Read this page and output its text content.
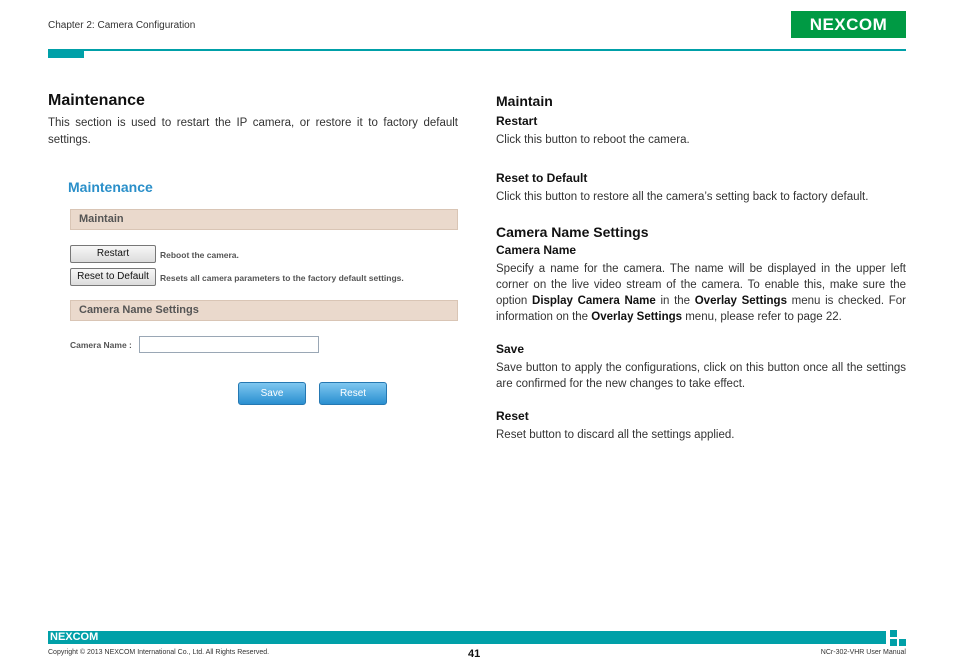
Chapter 2: Camera Configuration	NEXCOM
Maintenance
This section is used to restart the IP camera, or restore it to factory default settings.
Maintenance
Maintain
Restart	Reboot the camera.
Reset to Default	Resets all camera parameters to the factory default settings.
Camera Name Settings
Camera Name :
Save	Reset
Maintain
Restart
Click this button to reboot the camera.
Reset to Default
Click this button to restore all the camera’s setting back to factory default.
Camera Name Settings
Camera Name
Specify a name for the camera. The name will be displayed in the upper left corner on the live video stream of the camera. To enable this, make sure the option Display Camera Name in the Overlay Settings menu is checked. For information on the Overlay Settings menu, please refer to page 22.
Save
Save button to apply the configurations, click on this button once all the settings are confirmed for the new changes to take effect.
Reset
Reset button to discard all the settings applied.
NEXCOM
Copyright © 2013 NEXCOM International Co., Ltd. All Rights Reserved.	41	NCr-302-VHR User Manual
